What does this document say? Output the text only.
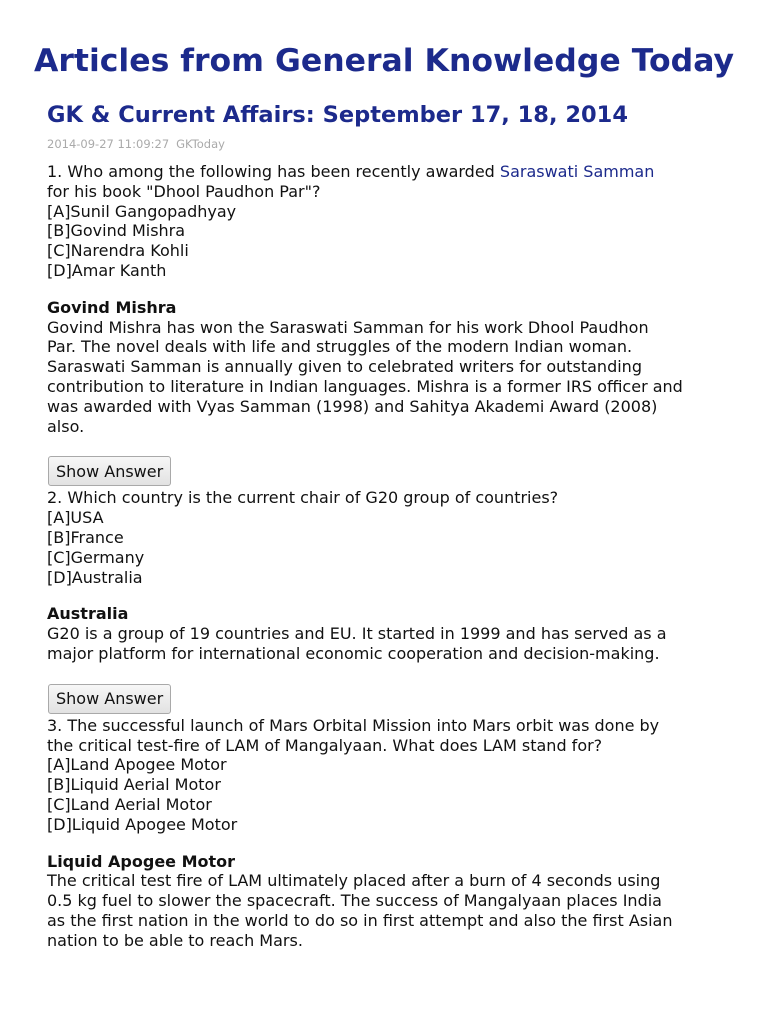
Articles from General Knowledge Today
GK & Current Affairs: September 17, 18, 2014
2014-09-27 11:09:27 GKToday

1. Who among the following has been recently awarded Saraswati Samman

for his book "Dhool Paudhon Par"?

[A]Sunil Gangopadhyay

[B]Govind Mishra

[C]Narendra Kohli

[D]Amar Kanth

Govind Mishra

Govind Mishra has won the Saraswati Samman for his work Dhool Paudhon

Par. The novel deals with life and struggles of the modern Indian woman.

Saraswati Samman is annually given to celebrated writers for outstanding

contribution to literature in Indian languages. Mishra is a former IRS officer and

was awarded with Vyas Samman (1998) and Sahitya Akademi Award (2008)

also.

Show Answer

2. Which country is the current chair of G20 group of countries?

[A]USA

[B]France

[C]Germany

[D]Australia

Australia

G20 is a group of 19 countries and EU. It started in 1999 and has served as a

major platform for international economic cooperation and decision-making.

Show Answer

3. The successful launch of Mars Orbital Mission into Mars orbit was done by

the critical test-fire of LAM of Mangalyaan. What does LAM stand for?

[A]Land Apogee Motor

[B]Liquid Aerial Motor

[C]Land Aerial Motor

[D]Liquid Apogee Motor

Liquid Apogee Motor

The critical test fire of LAM ultimately placed after a burn of 4 seconds using

0.5 kg fuel to slower the spacecraft. The success of Mangalyaan places India

as the first nation in the world to do so in first attempt and also the first Asian

nation to be able to reach Mars.
